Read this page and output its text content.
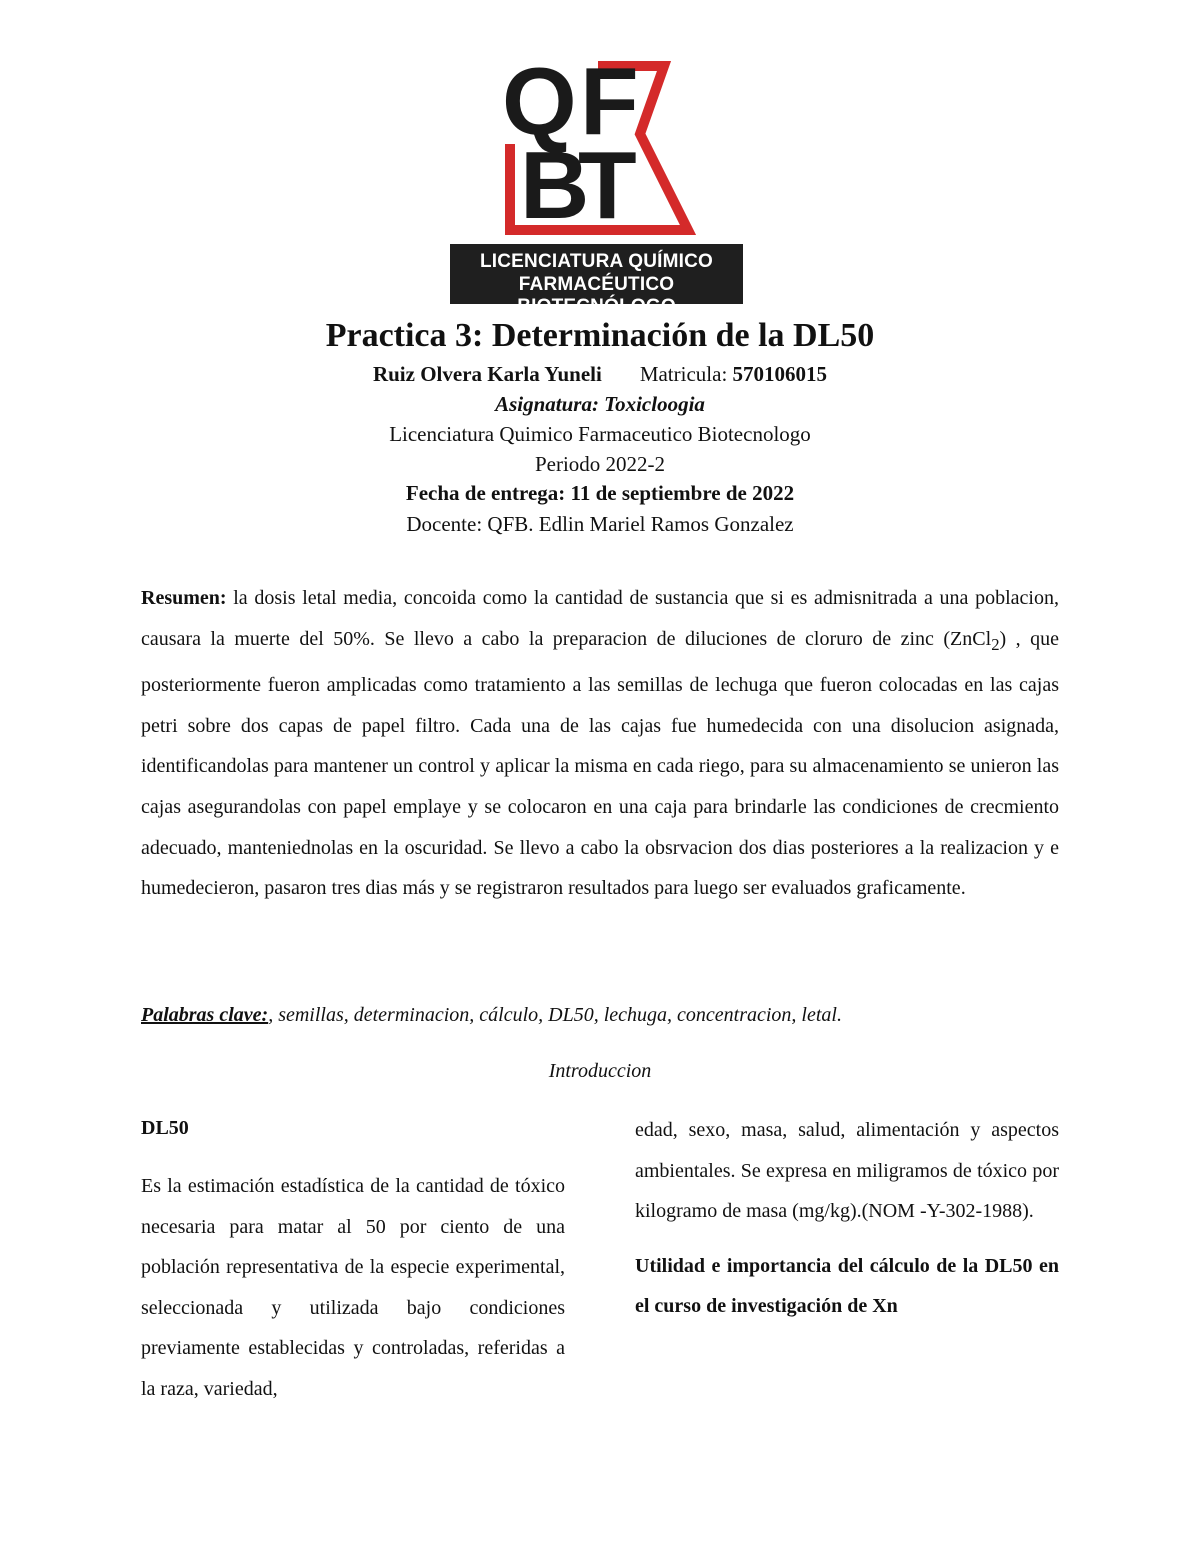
Q F
B
T
LICENCIATURA QUÍMICO
FARMACÉUTICO BIOTECNÓLOGO
Practica 3: Determinación de la DL50
Ruiz Olvera Karla Yuneli Matricula: 570106015
Asignatura: Toxicloogia
Licenciatura Quimico Farmaceutico Biotecnologo
Periodo 2022-2
Fecha de entrega: 11 de septiembre de 2022
Docente: QFB. Edlin Mariel Ramos Gonzalez
Resumen: la dosis letal media, concoida como la cantidad de sustancia que si es admisnitrada a una poblacion, causara la muerte del 50%. Se llevo a cabo la preparacion de diluciones de cloruro de zinc (ZnCl$_2$) , que posteriormente fueron amplicadas como tratamiento a las semillas de lechuga que fueron colocadas en las cajas petri sobre dos capas de papel filtro. Cada una de las cajas fue humedecida con una disolucion asignada, identificandolas para mantener un control y aplicar la misma en cada riego, para su almacenamiento se unieron las cajas asegurandolas con papel emplaye y se colocaron en una caja para brindarle las condiciones de crecmiento adecuado, manteniednolas en la oscuridad. Se llevo a cabo la obsrvacion dos dias posteriores a la realizacion y e humedecieron, pasaron tres dias más y se registraron resultados para luego ser evaluados graficamente.
Palabras clave:, semillas, determinacion, cálculo, DL50, lechuga, concentracion, letal.
Introduccion
DL50
Es la estimación estadística de la cantidad de tóxico necesaria para matar al 50 por ciento de una población representativa de la especie experimental, seleccionada y utilizada bajo condiciones previamente establecidas y controladas, referidas a la raza, variedad,
edad, sexo, masa, salud, alimentación y aspectos ambientales. Se expresa en miligramos de tóxico por kilogramo de masa (mg/kg).(NOM -Y-302-1988).
Utilidad e importancia del cálculo de la DL50 en el curso de investigación de Xn
